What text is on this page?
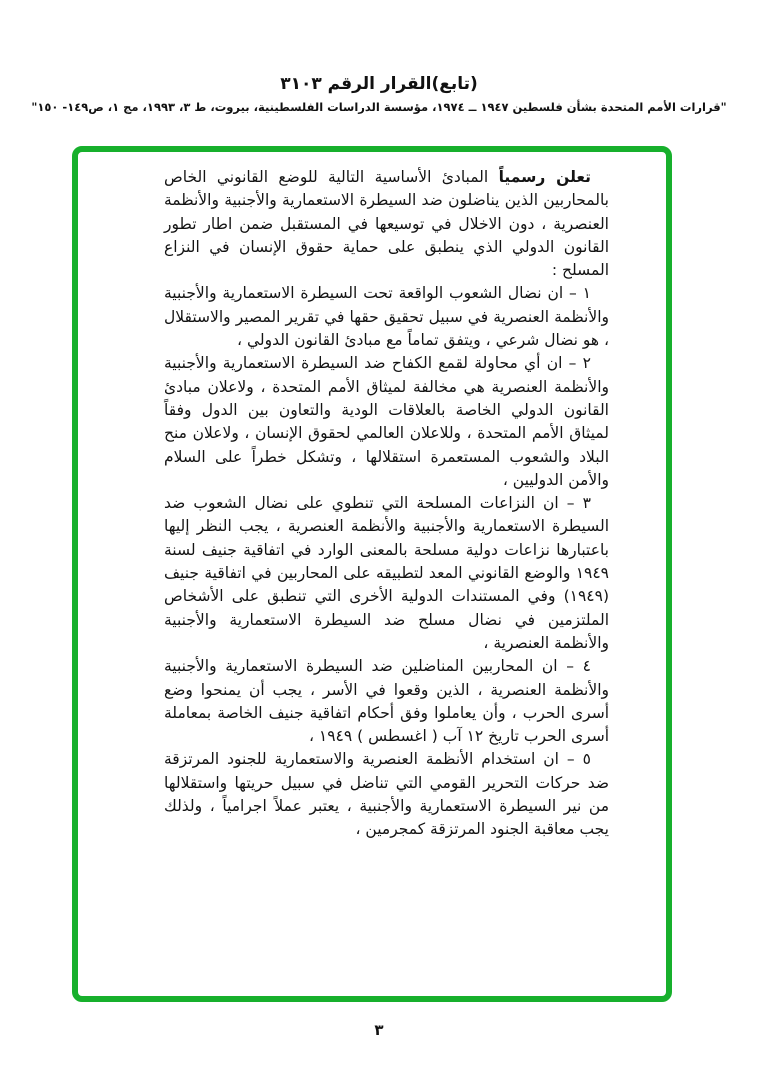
(تابع)القرار الرقم ٣١٠٣
"قرارات الأمم المتحدة بشأن فلسطين ١٩٤٧ ــ ١٩٧٤، مؤسسة الدراسات الفلسطينية، بيروت، ط ٣، ١٩٩٣، مج ١، ص١٤٩- ١٥٠"

تعلن رسمياً المبادئ الأساسية التالية للوضع القانوني الخاص بالمحاربين الذين يناضلون ضد السيطرة الاستعمارية والأجنبية والأنظمة العنصرية ، دون الاخلال في توسيعها في المستقبل ضمن اطار تطور القانون الدولي الذي ينطبق على حماية حقوق الإنسان في النزاع المسلح :

١ – ان نضال الشعوب الواقعة تحت السيطرة الاستعمارية والأجنبية والأنظمة العنصرية في سبيل تحقيق حقها في تقرير المصير والاستقلال ، هو نضال شرعي ، ويتفق تماماً مع مبادئ القانون الدولي ،

٢ – ان أي محاولة لقمع الكفاح ضد السيطرة الاستعمارية والأجنبية والأنظمة العنصرية هي مخالفة لميثاق الأمم المتحدة ، ولاعلان مبادئ القانون الدولي الخاصة بالعلاقات الودية والتعاون بين الدول وفقاً لميثاق الأمم المتحدة ، وللاعلان العالمي لحقوق الإنسان ، ولاعلان منح البلاد والشعوب المستعمرة استقلالها ، وتشكل خطراً على السلام والأمن الدوليين ،

٣ – ان النزاعات المسلحة التي تنطوي على نضال الشعوب ضد السيطرة الاستعمارية والأجنبية والأنظمة العنصرية ، يجب النظر إليها باعتبارها نزاعات دولية مسلحة بالمعنى الوارد في اتفاقية جنيف لسنة ١٩٤٩ والوضع القانوني المعد لتطبيقه على المحاربين في اتفاقية جنيف (١٩٤٩) وفي المستندات الدولية الأخرى التي تنطبق على الأشخاص الملتزمين في نضال مسلح ضد السيطرة الاستعمارية والأجنبية والأنظمة العنصرية ،

٤ – ان المحاربين المناضلين ضد السيطرة الاستعمارية والأجنبية والأنظمة العنصرية ، الذين وقعوا في الأسر ، يجب أن يمنحوا وضع أسرى الحرب ، وأن يعاملوا وفق أحكام اتفاقية جنيف الخاصة بمعاملة أسرى الحرب تاريخ ١٢ آب ( اغسطس ) ١٩٤٩ ،

٥ – ان استخدام الأنظمة العنصرية والاستعمارية للجنود المرتزقة ضد حركات التحرير القومي التي تناضل في سبيل حريتها واستقلالها من نير السيطرة الاستعمارية والأجنبية ، يعتبر عملاً اجرامياً ، ولذلك يجب معاقبة الجنود المرتزقة كمجرمين ،

٣
